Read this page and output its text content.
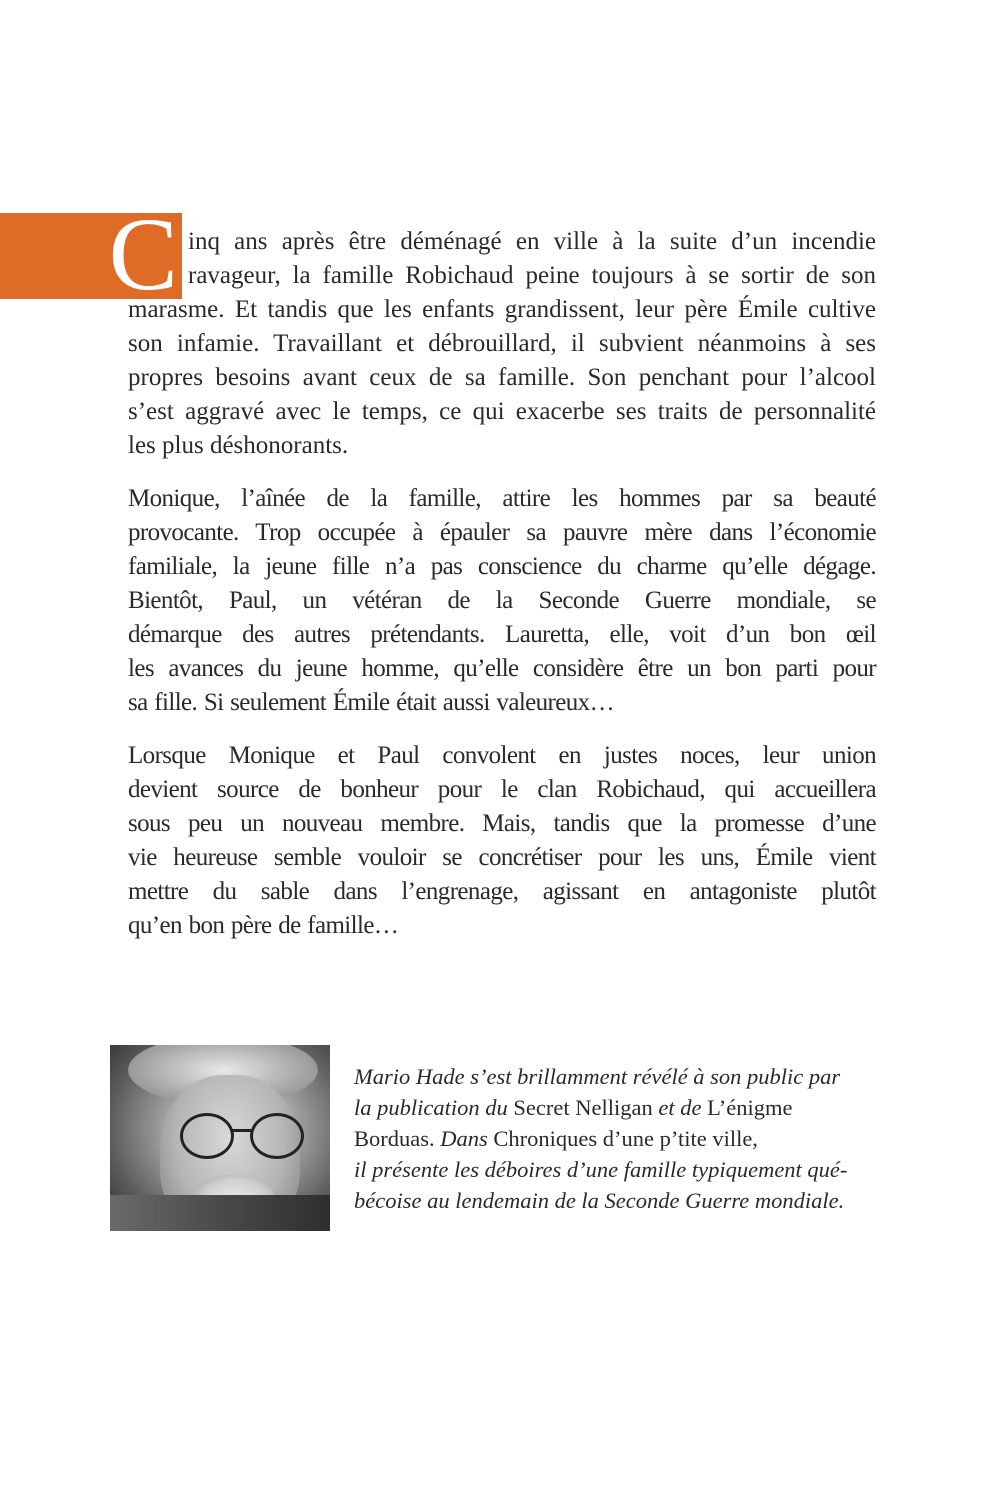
C inq ans après être déménagé en ville à la suite d’un incendie
ravageur, la famille Robichaud peine toujours à se sortir de son
marasme. Et tandis que les enfants grandissent, leur père Émile cultive
son infamie. Travaillant et débrouillard, il subvient néanmoins à ses
propres besoins avant ceux de sa famille. Son penchant pour l’alcool
s’est aggravé avec le temps, ce qui exacerbe ses traits de personnalité
les plus déshonorants.

Monique, l’aînée de la famille, attire les hommes par sa beauté
provocante. Trop occupée à épauler sa pauvre mère dans l’économie
familiale, la jeune fille n’a pas conscience du charme qu’elle dégage.
Bientôt, Paul, un vétéran de la Seconde Guerre mondiale, se
démarque des autres prétendants. Lauretta, elle, voit d’un bon œil
les avances du jeune homme, qu’elle considère être un bon parti pour
sa fille. Si seulement Émile était aussi valeureux…

Lorsque Monique et Paul convolent en justes noces, leur union
devient source de bonheur pour le clan Robichaud, qui accueillera
sous peu un nouveau membre. Mais, tandis que la promesse d’une
vie heureuse semble vouloir se concrétiser pour les uns, Émile vient
mettre du sable dans l’engrenage, agissant en antagoniste plutôt
qu’en bon père de famille…

Mario Hade s’est brillamment révélé à son public par
la publication du Secret Nelligan et de L’énigme
Borduas. Dans Chroniques d’une p’tite ville,
il présente les déboires d’une famille typiquement qué-
bécoise au lendemain de la Seconde Guerre mondiale.
